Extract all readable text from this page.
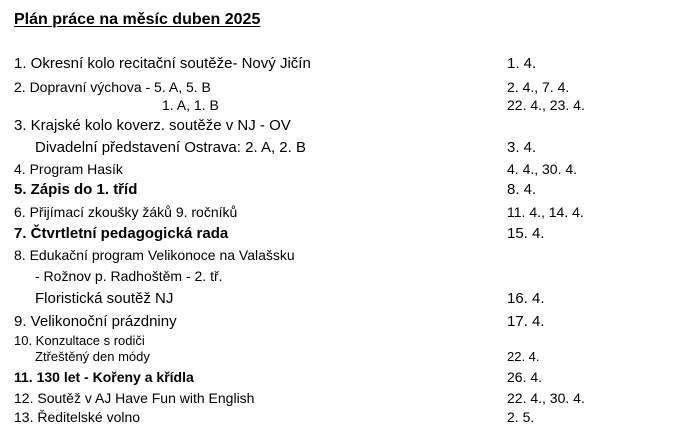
Plán práce na měsíc duben 2025
1. Okresní kolo recitační soutěže- Nový Jičín	1. 4.
2. Dopravní výchova - 5. A, 5. B	2. 4., 7. 4.
1. A, 1. B	22. 4., 23. 4.
3. Krajské kolo koverz. soutěže v NJ - OV
Divadelní představení Ostrava: 2. A, 2. B	3. 4.
4. Program Hasík	4. 4., 30. 4.
5. Zápis do 1. tříd	8. 4.
6. Přijímací zkoušky žáků 9. ročníků	11. 4., 14. 4.
7. Čtvrtletní pedagogická rada	15. 4.
8. Edukační program Velikonoce na Valašsku
- Rožnov p. Radhoštěm - 2. tř.
Floristická soutěž NJ	16. 4.
9. Velikonoční prázdniny	17. 4.
10. Konzultace s rodiči
Ztřeštěný den módy	22. 4.
11. 130 let - Kořeny a křídla	26. 4.
12. Soutěž v AJ Have Fun with English	22. 4., 30. 4.
13. Ředitelské volno	2. 5.
